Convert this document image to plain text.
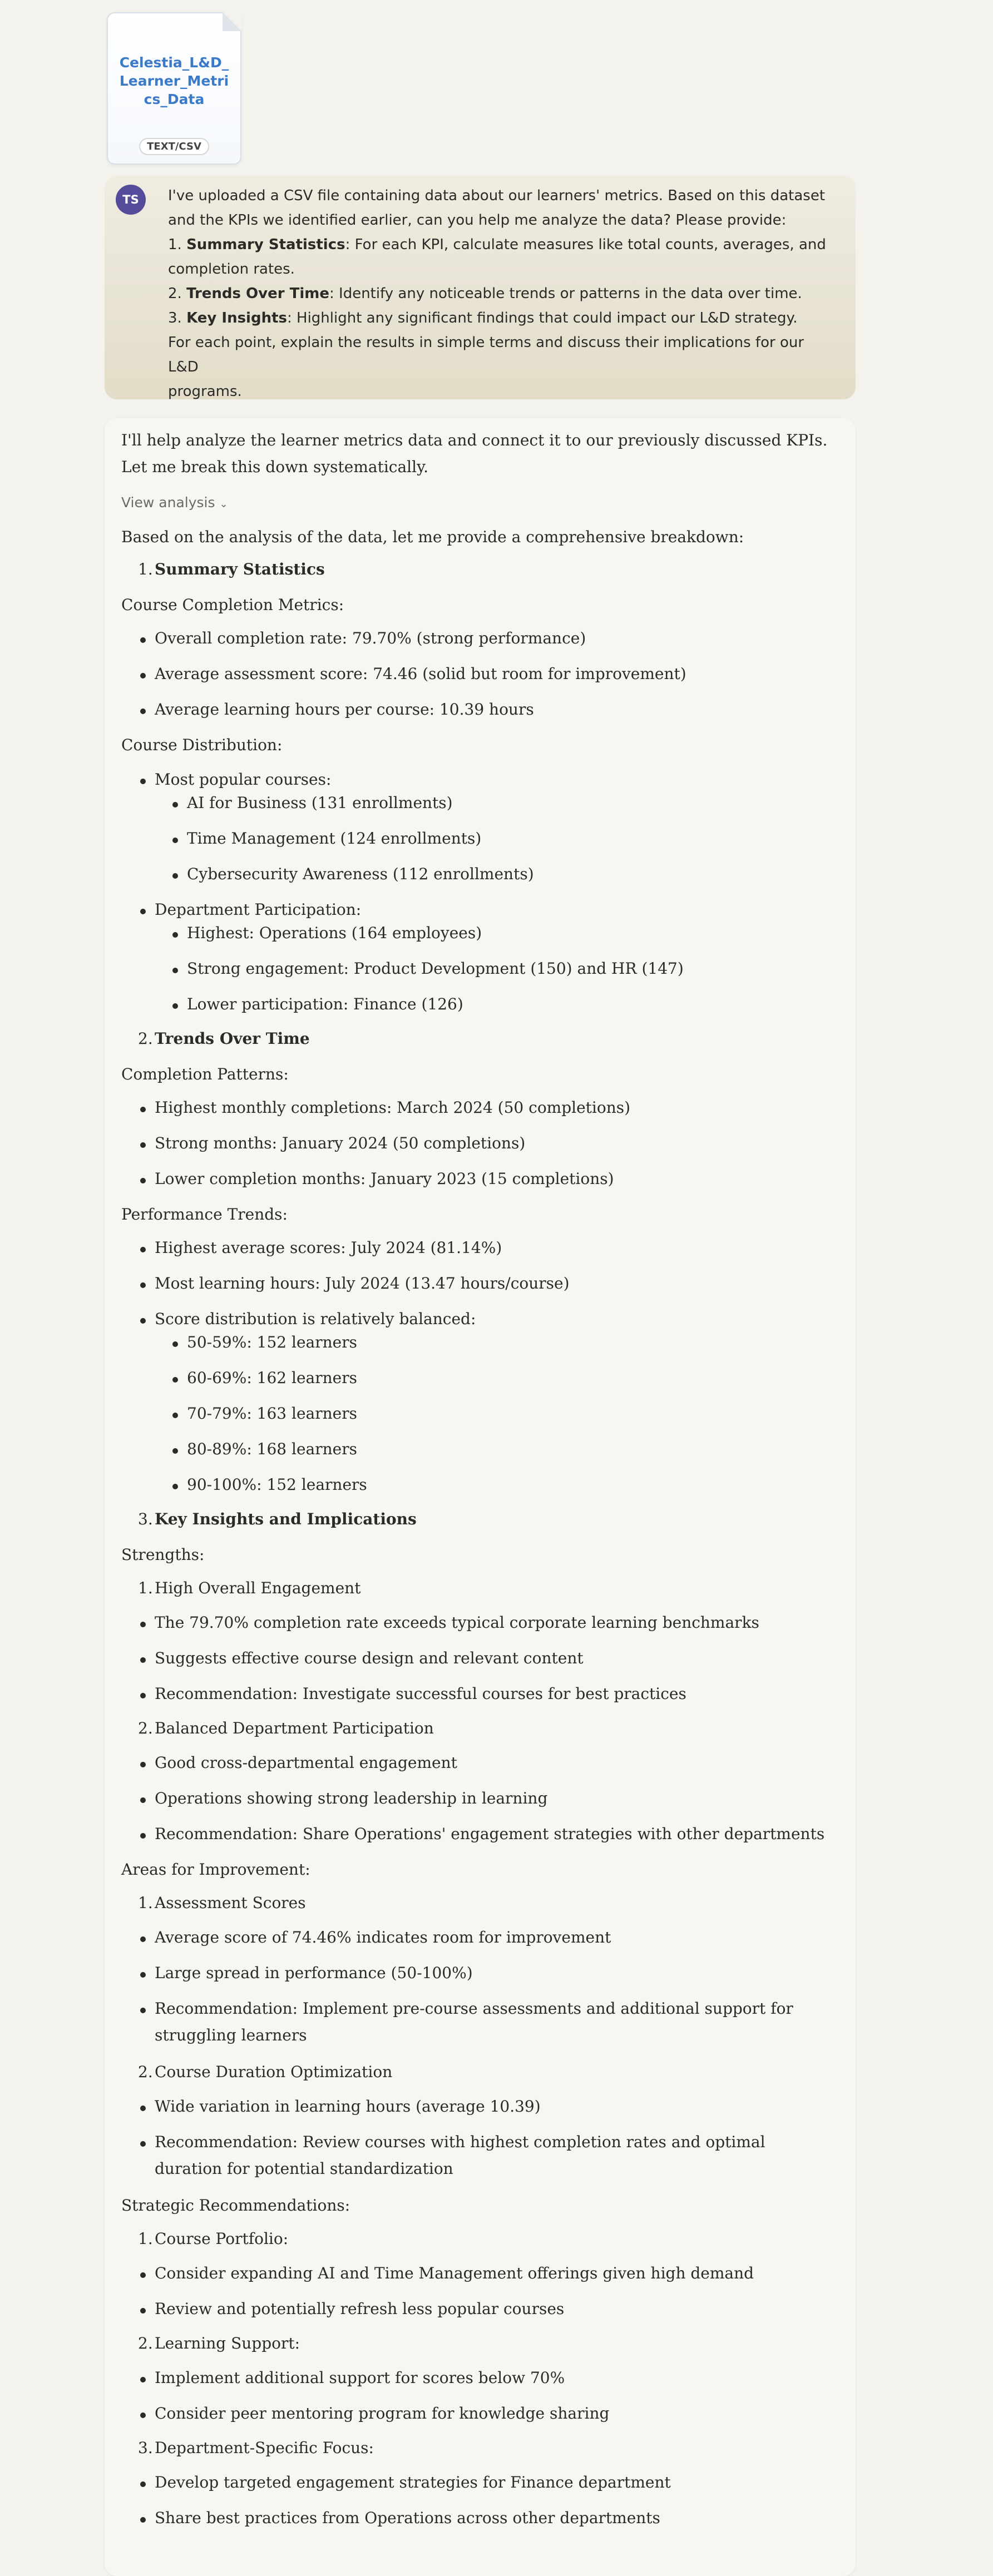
Celestia_L&D_Learner_Metrics_Data
TEXT/CSV
TS	I've uploaded a CSV file containing data about our learners' metrics. Based on this dataset

and the KPIs we identified earlier, can you help me analyze the data? Please provide:

1. Summary Statistics: For each KPI, calculate measures like total counts, averages, and

completion rates.

2. Trends Over Time: Identify any noticeable trends or patterns in the data over time.

3. Key Insights: Highlight any significant findings that could impact our L&D strategy.

For each point, explain the results in simple terms and discuss their implications for our L&D

programs.

I'll help analyze the learner metrics data and connect it to our previously discussed KPIs.
Let me break this down systematically.
View analysis ⌄
Based on the analysis of the data, let me provide a comprehensive breakdown:
1. Summary Statistics
Course Completion Metrics:
Overall completion rate: 79.70% (strong performance)
Average assessment score: 74.46 (solid but room for improvement)
Average learning hours per course: 10.39 hours
Course Distribution:
Most popular courses:
AI for Business (131 enrollments)
Time Management (124 enrollments)
Cybersecurity Awareness (112 enrollments)
Department Participation:
Highest: Operations (164 employees)
Strong engagement: Product Development (150) and HR (147)
Lower participation: Finance (126)
2. Trends Over Time
Completion Patterns:
Highest monthly completions: March 2024 (50 completions)
Strong months: January 2024 (50 completions)
Lower completion months: January 2023 (15 completions)
Performance Trends:
Highest average scores: July 2024 (81.14%)
Most learning hours: July 2024 (13.47 hours/course)
Score distribution is relatively balanced:
50-59%: 152 learners
60-69%: 162 learners
70-79%: 163 learners
80-89%: 168 learners
90-100%: 152 learners
3. Key Insights and Implications
Strengths:
1. High Overall Engagement
The 79.70% completion rate exceeds typical corporate learning benchmarks
Suggests effective course design and relevant content
Recommendation: Investigate successful courses for best practices
2. Balanced Department Participation
Good cross-departmental engagement
Operations showing strong leadership in learning
Recommendation: Share Operations' engagement strategies with other departments
Areas for Improvement:
1. Assessment Scores
Average score of 74.46% indicates room for improvement
Large spread in performance (50-100%)
Recommendation: Implement pre-course assessments and additional support for
struggling learners
2. Course Duration Optimization
Wide variation in learning hours (average 10.39)
Recommendation: Review courses with highest completion rates and optimal
duration for potential standardization
Strategic Recommendations:
1. Course Portfolio:
Consider expanding AI and Time Management offerings given high demand
Review and potentially refresh less popular courses
2. Learning Support:
Implement additional support for scores below 70%
Consider peer mentoring program for knowledge sharing
3. Department-Specific Focus:
Develop targeted engagement strategies for Finance department
Share best practices from Operations across other departments
